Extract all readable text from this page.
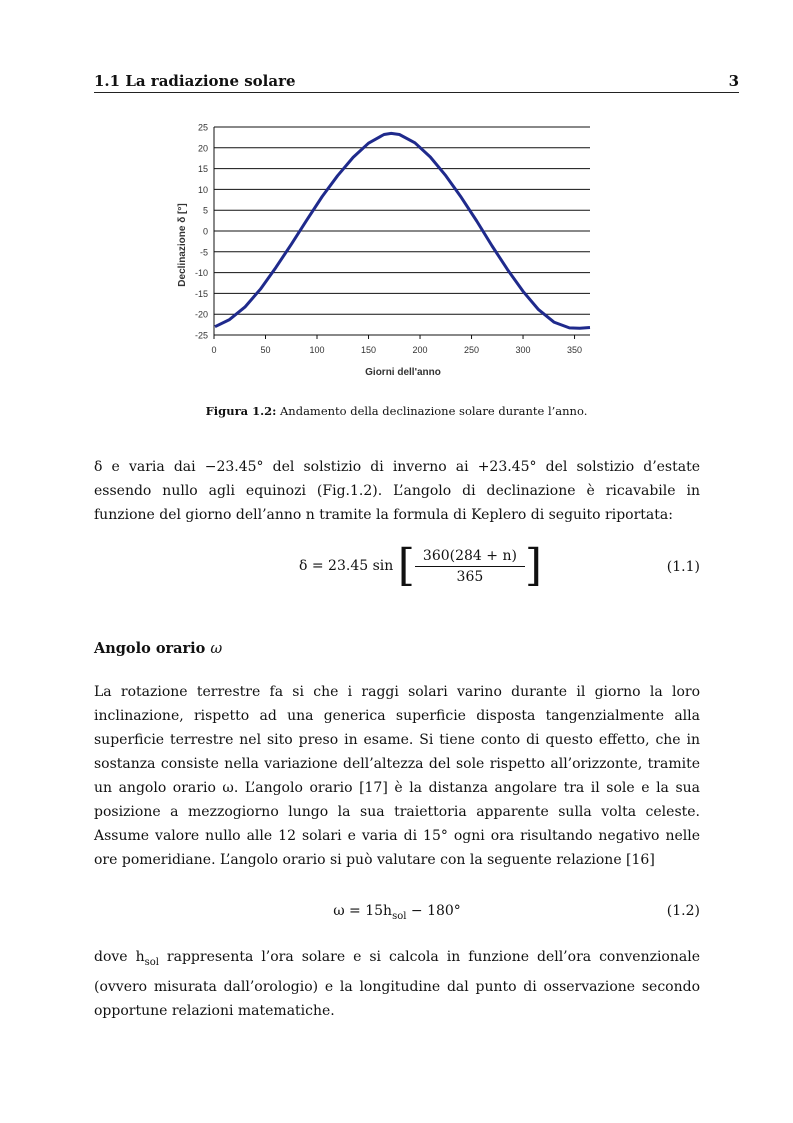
1.1 La radiazione solare	3
25
20
15
10
5
0
-5
-10
-15
-20
-25
0	50	100	150	200	250	300	350
Giorni dell'anno
Declinazione δ [°]
Figura 1.2: Andamento della declinazione solare durante l’anno.
δ e varia dai −23.45° del solstizio di inverno ai +23.45° del solstizio d’estate essendo nullo agli equinozi (Fig.1.2). L’angolo di declinazione è ricavabile in funzione del giorno dell’anno n tramite la formula di Keplero di seguito riportata:
δ = 23.45 sin [ $\frac{360(284 + n)}{365}$ ]	(1.1)
Angolo orario ω
La rotazione terrestre fa si che i raggi solari varino durante il giorno la loro inclinazione, rispetto ad una generica superficie disposta tangenzialmente alla superficie terrestre nel sito preso in esame. Si tiene conto di questo effetto, che in sostanza consiste nella variazione dell’altezza del sole rispetto all’orizzonte, tramite un angolo orario ω. L’angolo orario [17] è la distanza angolare tra il sole e la sua posizione a mezzogiorno lungo la sua traiettoria apparente sulla volta celeste. Assume valore nullo alle 12 solari e varia di 15° ogni ora risultando negativo nelle ore pomeridiane. L’angolo orario si può valutare con la seguente relazione [16]
$\omega = 15h_{sol} - 180^\circ$	(1.2)
dove $h_{sol}$ rappresenta l’ora solare e si calcola in funzione dell’ora convenzionale (ovvero misurata dall’orologio) e la longitudine dal punto di osservazione secondo opportune relazioni matematiche.
